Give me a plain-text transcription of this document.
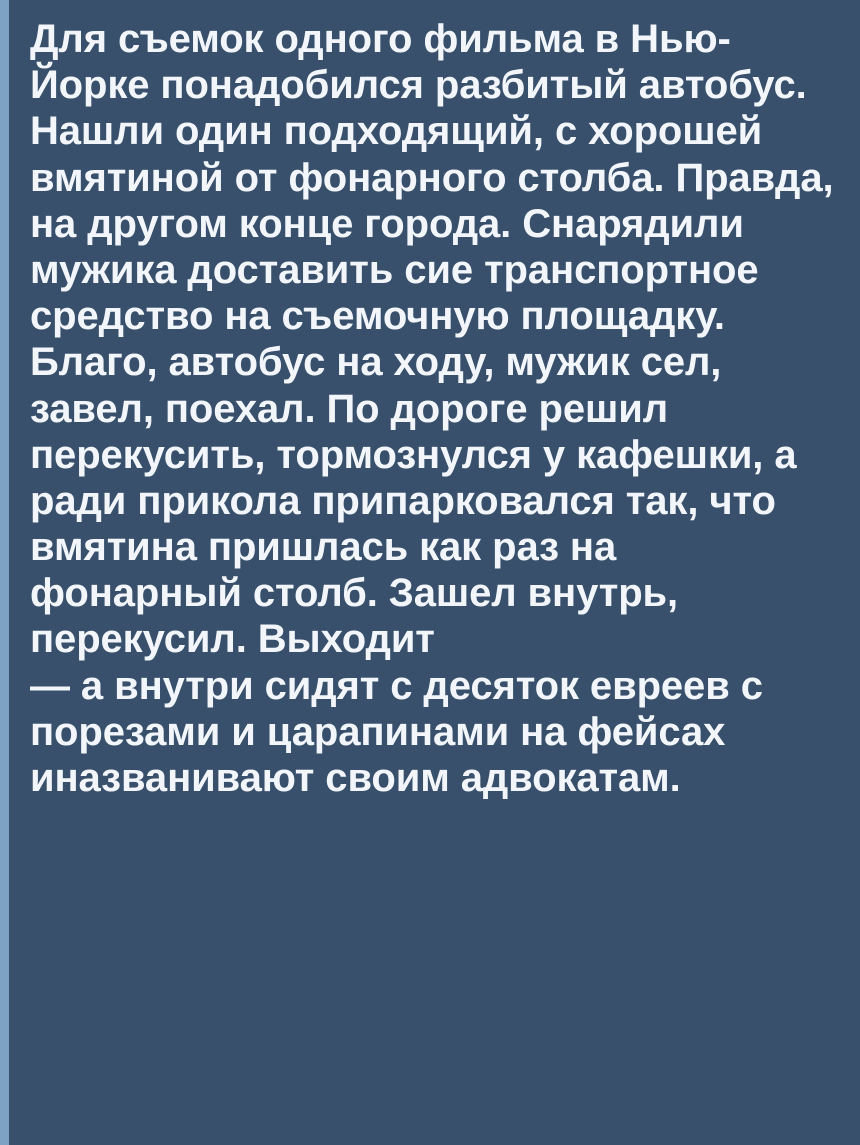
Для съемок одного фильма в Нью-Йорке понадобился разбитый автобус. Нашли один подходящий, с хорошей вмятиной от фонарного столба. Правда, на другом конце города. Снарядили мужика доставить сие транспортное средство на съемочную площадку. Благо, автобус на ходу, мужик сел, завел, поехал. По дороге решил перекусить, тормознулся у кафешки, а ради прикола припарковался так, что вмятина пришлась как раз на фонарный столб. Зашел внутрь, перекусил. Выходит

— а внутри сидят с десяток евреев с порезами и царапинами на фейсах иназванивают своим адвокатам.
